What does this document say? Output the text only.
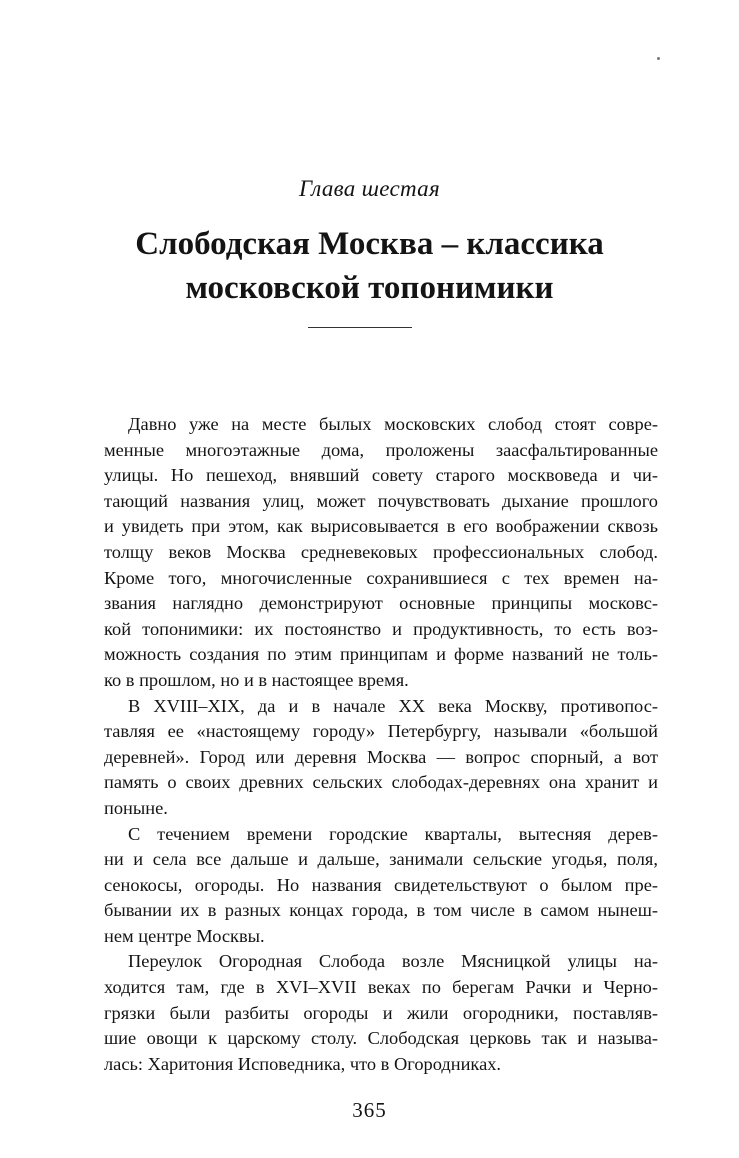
Глава шестая
Слободская Москва – классика
московской топонимики

Давно уже на месте былых московских слобод стоят совре-
менные многоэтажные дома, проложены заасфальтированные
улицы. Но пешеход, внявший совету старого москвоведа и чи-
тающий названия улиц, может почувствовать дыхание прошлого
и увидеть при этом, как вырисовывается в его воображении сквозь
толщу веков Москва средневековых профессиональных слобод.
Кроме того, многочисленные сохранившиеся с тех времен на-
звания наглядно демонстрируют основные принципы московс-
кой топонимики: их постоянство и продуктивность, то есть воз-
можность создания по этим принципам и форме названий не толь-
ко в прошлом, но и в настоящее время.

В XVIII–XIX, да и в начале XX века Москву, противопос-
тавляя ее «настоящему городу» Петербургу, называли «большой
деревней». Город или деревня Москва — вопрос спорный, а вот
память о своих древних сельских слободах-деревнях она хранит и
поныне.

С течением времени городские кварталы, вытесняя дерев-
ни и села все дальше и дальше, занимали сельские угодья, поля,
сенокосы, огороды. Но названия свидетельствуют о былом пре-
бывании их в разных концах города, в том числе в самом нынеш-
нем центре Москвы.

Переулок Огородная Слобода возле Мясницкой улицы на-
ходится там, где в XVI–XVII веках по берегам Рачки и Черно-
грязки были разбиты огороды и жили огородники, поставляв-
шие овощи к царскому столу. Слободская церковь так и называ-
лась: Харитония Исповедника, что в Огородниках.

365
